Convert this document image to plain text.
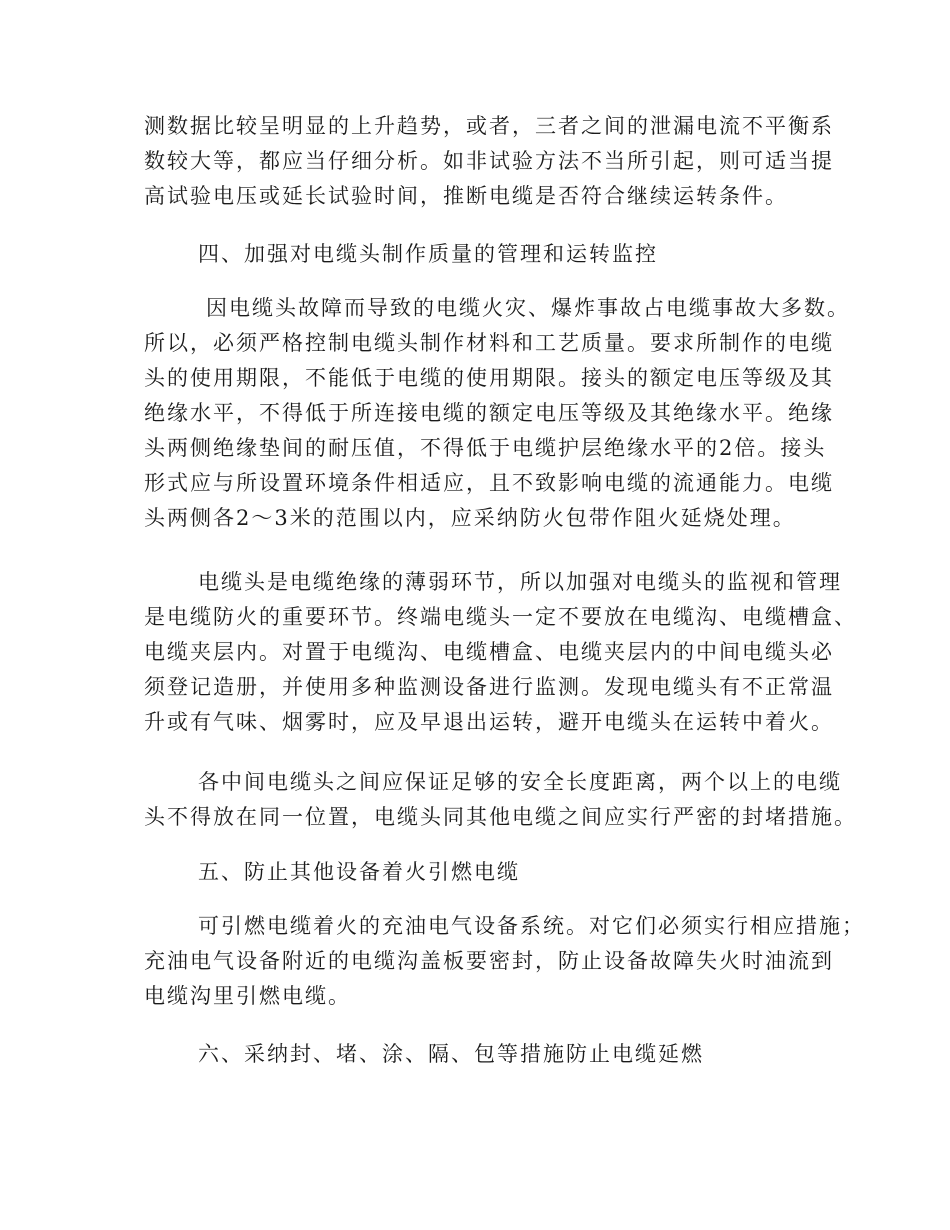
测数据比较呈明显的上升趋势，或者，三者之间的泄漏电流不平衡系
数较大等，都应当仔细分析。如非试验方法不当所引起，则可适当提
高试验电压或延长试验时间，推断电缆是否符合继续运转条件。
四、加强对电缆头制作质量的管理和运转监控
因电缆头故障而导致的电缆火灾、爆炸事故占电缆事故大多数。
所以，必须严格控制电缆头制作材料和工艺质量。要求所制作的电缆
头的使用期限，不能低于电缆的使用期限。接头的额定电压等级及其
绝缘水平，不得低于所连接电缆的额定电压等级及其绝缘水平。绝缘
头两侧绝缘垫间的耐压值，不得低于电缆护层绝缘水平的2倍。接头
形式应与所设置环境条件相适应，且不致影响电缆的流通能力。电缆
头两侧各2～3米的范围以内，应采纳防火包带作阻火延烧处理。
电缆头是电缆绝缘的薄弱环节，所以加强对电缆头的监视和管理
是电缆防火的重要环节。终端电缆头一定不要放在电缆沟、电缆槽盒、
电缆夹层内。对置于电缆沟、电缆槽盒、电缆夹层内的中间电缆头必
须登记造册，并使用多种监测设备进行监测。发现电缆头有不正常温
升或有气味、烟雾时，应及早退出运转，避开电缆头在运转中着火。
各中间电缆头之间应保证足够的安全长度距离，两个以上的电缆
头不得放在同一位置，电缆头同其他电缆之间应实行严密的封堵措施。
五、防止其他设备着火引燃电缆
可引燃电缆着火的充油电气设备系统。对它们必须实行相应措施；
充油电气设备附近的电缆沟盖板要密封，防止设备故障失火时油流到
电缆沟里引燃电缆。
六、采纳封、堵、涂、隔、包等措施防止电缆延燃
